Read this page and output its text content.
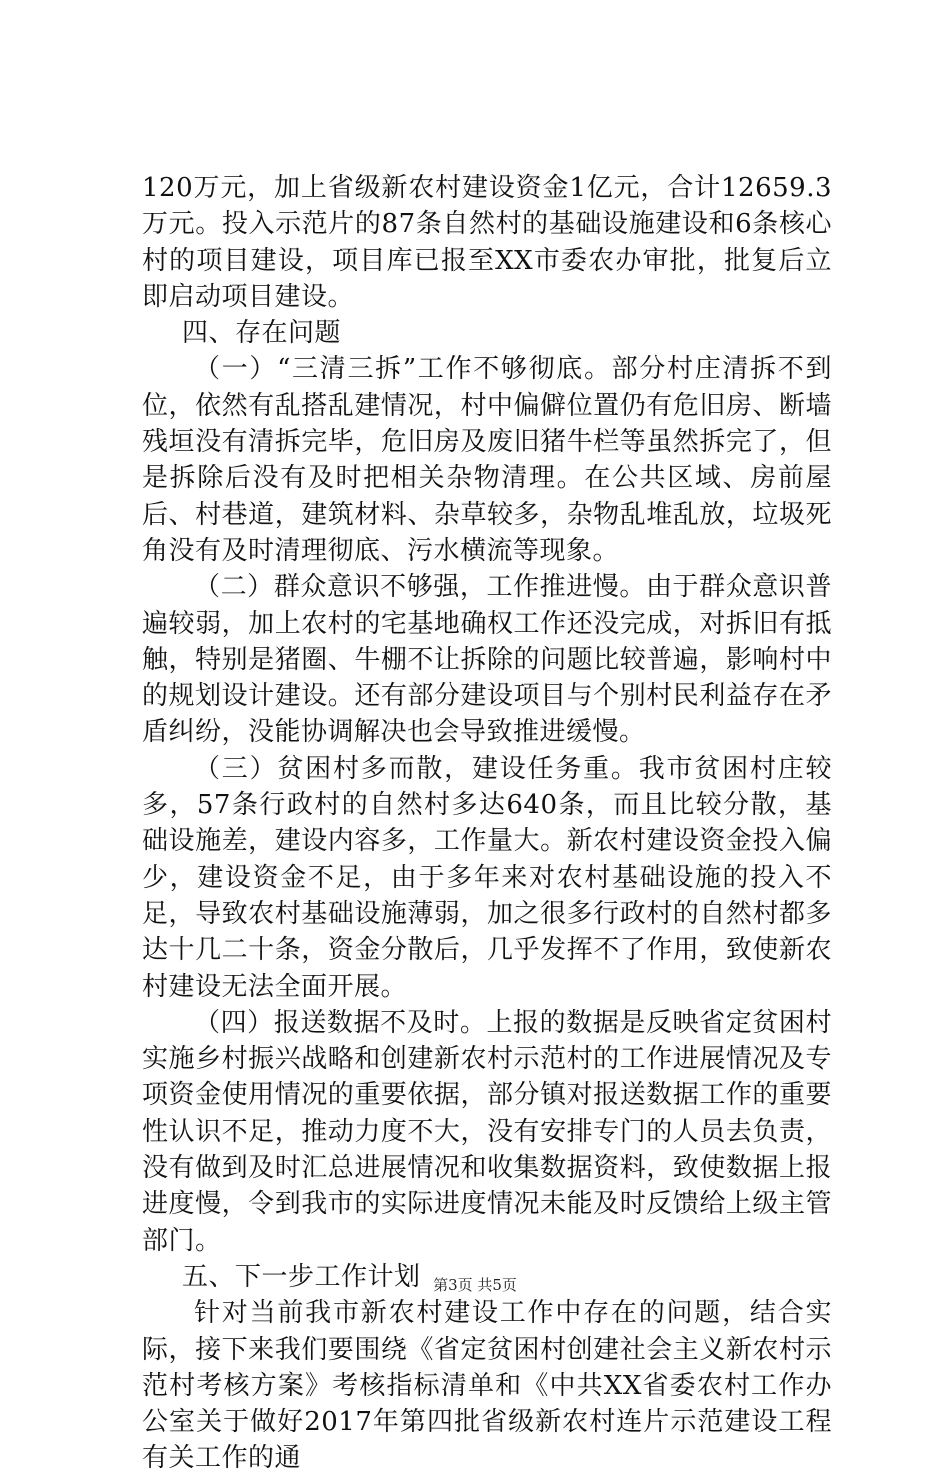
120万元，加上省级新农村建设资金1亿元，合计12659.3万元。投入示范片的87条自然村的基础设施建设和6条核心村的项目建设，项目库已报至XX市委农办审批，批复后立即启动项目建设。

四、存在问题

（一）“三清三拆”工作不够彻底。部分村庄清拆不到位，依然有乱搭乱建情况，村中偏僻位置仍有危旧房、断墙残垣没有清拆完毕，危旧房及废旧猪牛栏等虽然拆完了，但是拆除后没有及时把相关杂物清理。在公共区域、房前屋后、村巷道，建筑材料、杂草较多，杂物乱堆乱放，垃圾死角没有及时清理彻底、污水横流等现象。

（二）群众意识不够强，工作推进慢。由于群众意识普遍较弱，加上农村的宅基地确权工作还没完成，对拆旧有抵触，特别是猪圈、牛棚不让拆除的问题比较普遍，影响村中的规划设计建设。还有部分建设项目与个别村民利益存在矛盾纠纷，没能协调解决也会导致推进缓慢。

（三）贫困村多而散，建设任务重。我市贫困村庄较多，57条行政村的自然村多达640条，而且比较分散，基础设施差，建设内容多，工作量大。新农村建设资金投入偏少，建设资金不足，由于多年来对农村基础设施的投入不足，导致农村基础设施薄弱，加之很多行政村的自然村都多达十几二十条，资金分散后，几乎发挥不了作用，致使新农村建设无法全面开展。

（四）报送数据不及时。上报的数据是反映省定贫困村实施乡村振兴战略和创建新农村示范村的工作进展情况及专项资金使用情况的重要依据，部分镇对报送数据工作的重要性认识不足，推动力度不大，没有安排专门的人员去负责，没有做到及时汇总进展情况和收集数据资料，致使数据上报进度慢，令到我市的实际进度情况未能及时反馈给上级主管部门。

五、下一步工作计划

针对当前我市新农村建设工作中存在的问题，结合实际，接下来我们要围绕《省定贫困村创建社会主义新农村示范村考核方案》考核指标清单和《中共XX省委农村工作办公室关于做好2017年第四批省级新农村连片示范建设工程有关工作的通

第3页 共5页
